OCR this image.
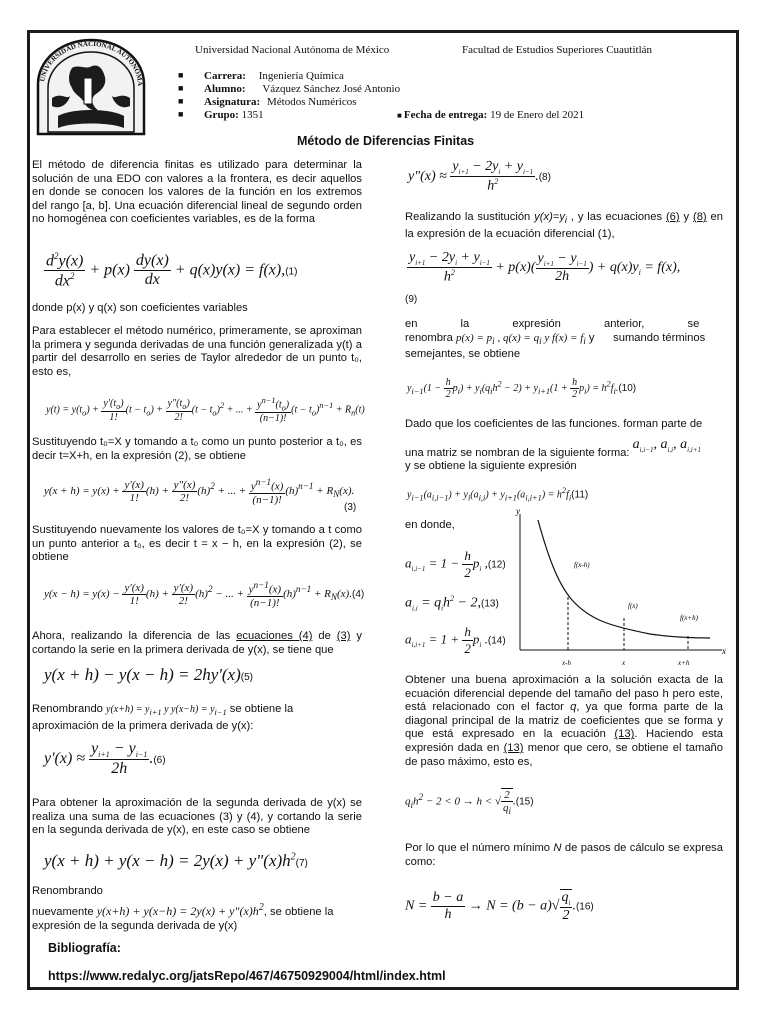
UNIVERSIDAD NACIONAL AUTONOMA
Universidad Nacional Autónoma de México	Facultad de Estudios Superiores Cuautitlán
■ Carrera: Ingeniería Química
■ Alumno: Vázquez Sánchez José Antonio
■ Asignatura: Métodos Numéricos
■ Grupo: 1351	■ Fecha de entrega: 19 de Enero del 2021
Método de Diferencias Finitas
El método de diferencia finitas es utilizado para determinar la solución de una EDO con valores a la frontera, es decir aquellos en donde se conocen los valores de la función en los extremos del rango [a, b]. Una ecuación diferencial lineal de segundo orden no homogénea con coeficientes variables, es de la forma
$\frac{d^2y(x)}{dx^2} + p(x) \frac{dy(x)}{dx} + q(x)y(x) = f(x),(1)$
donde p(x) y q(x) son coeficientes variables
Para establecer el método numérico, primeramente, se aproximan la primera y segunda derivadas de una función generalizada y(t) a partir del desarrollo en series de Taylor alrededor de un punto t₀, esto es,
$y(t) = y(t_o) + \frac{y'(t_o)}{1!} (t - t_o) + \frac{y"(t_o)}{2!} (t - t_o)^2$ + ... + $\frac{y^{n-1}(t_o)}{(n-1)!} (t - t_o)^{n-1} + R_n(t)$
Sustituyendo t₀=X y tomando a t₀ como un punto posterior a t₀, es decir t=X+h, en la expresión (2), se obtiene
$y(x + h) = y(x) + \frac{y'(x)}{1!} (h) + \frac{y"(x)}{2!} (h)^2$ + ... + $\frac{y^{n-1}(x)}{(n-1)!} (h)^{n-1} + R_N(x)$.
(3)
Sustituyendo nuevamente los valores de t₀=X y tomando a t como un punto anterior a t₀, es decir t = x − h, en la expresión (2), se obtiene
$y(x - h) = y(x) - \frac{y'(x)}{1!} (h) + \frac{y'(x)}{2!} (h)^2$ − ... + $\frac{y^{n-1}(x)}{(n-1)!} (h)^{n-1} + R_N(x).(4)$
Ahora, realizando la diferencia de las ecuaciones (4) de (3) y cortando la serie en la primera derivada de y(x), se tiene que
y(x + h) − y(x − h) = 2hy'(x)(5)
Renombrando $y(x+h) = y_{i+1}$ y $y(x-h) = y_{i-1}$ se obtiene la aproximación de la primera derivada de y(x):
$y'(x) \approx \frac{y_{i+1} - y_{i-1}}{2h} .(6)$
Para obtener la aproximación de la segunda derivada de y(x) se realiza una suma de las ecuaciones (3) y (4), y cortando la serie en la segunda derivada de y(x), en este caso se obtiene
$y(x + h) + y(x - h) = 2y(x) + y"(x)h^2(7)$
Renombrando
nuevamente $y(x+h) + y(x-h) = 2y(x) + y"(x)h^2$, se obtiene la expresión de la segunda derivada de y(x)
Bibliografía:
https://www.redalyc.org/jatsRepo/467/46750929004/html/index.html
y"(x) ≈ $\frac{y_{i+1} - 2y_i + y_{i-1}}{h^2} .(8)$
Realizando la sustitución $y(x)=y_i$ , y las ecuaciones (6) y (8) en la expresión de la ecuación diferencial (1),
$\frac{y_{i+1} - 2y_i + y_{i-1}}{h^2} + p(x)( \frac{y_{i+1} - y_{i-1}}{2h}$ ) + $q(x)y_i = f(x)$,
(9)
en la expresión anterior, se
renombra $p(x) = p_i$ , $q(x) = q_i$ y $f(x) = f_i$ y      sumando términos semejantes, se obtiene
$y_{i-1}(1 - \frac{h}{2} p_i) + y_i(q_ih^2 - 2) + y_{i+1}(1 + \frac{h}{2} p_i) = h^2f_i.(10)$
Dado que los coeficientes de las funciones. forman parte de
una matriz se nombran de la siguiente forma: $a_{i,i-1}$, $a_{i,i}$, $a_{i,i+1}$
y se obtiene la siguiente expresión
$y_{i-1}(a_{i,i-1}) + y_i(a_{i,i}) + y_{i+1}(a_{i,i+1}) = h^2f_i(11)$
en donde,
$a_{i,i-1} = 1 - \frac{h}{2} p_i$ ,(12)
$a_{i,i} = q_ih^2 - 2,(13)$
$a_{i,i+1} = 1 + \frac{h}{2} p_i$ .(14)
y
x
f(x-h)
f(x)
f(x+h)
x-h	x	x+h
Obtener una buena aproximación a la solución exacta de la ecuación diferencial depende del tamaño del paso h pero este, está relacionado con el factor q, ya que forma parte de la diagonal principal de la matriz de coeficientes que se forma y que está expresado en la ecuación (13). Haciendo esta expresión dada en (13) menor que cero, se obtiene el tamaño de paso máximo, esto es,
$q_ih^2 - 2 < 0 \to h$ < √ $\frac{2}{q_i} .(15)$
Por lo que el número mínimo N de pasos de cálculo se expresa como:
$N = \frac{b - a}{h} \to N = (b - a)√ \frac{q_i}{2} .(16)$
